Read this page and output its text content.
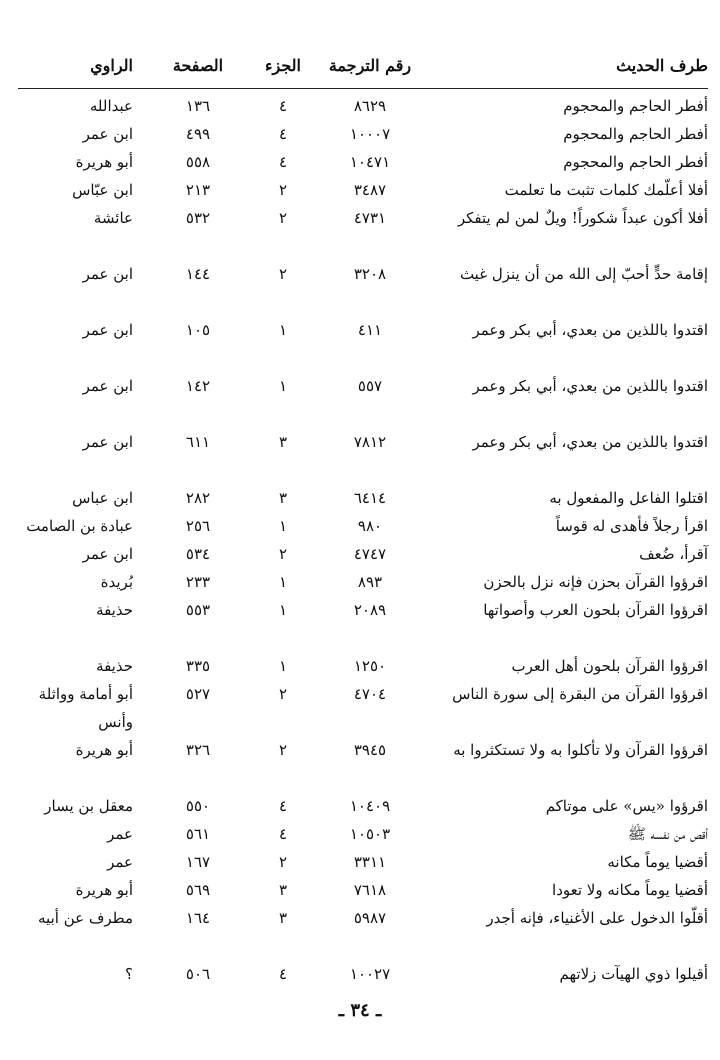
طرف الحديث
رقم الترجمة
الجزء
الصفحة
الراوي
أفطر الحاجم والمحجوم
٨٦٢٩
٤
١٣٦
عبدالله
أفطر الحاجم والمحجوم
١٠٠٠٧
٤
٤٩٩
ابن عمر
أفطر الحاجم والمحجوم
١٠٤٧١
٤
٥٥٨
أبو هريرة
أفلا أعلّمك كلمات تثبت ما تعلمت
٣٤٨٧
٢
٢١٣
ابن عبّاس
أفلا أكون عبداً شكوراً! ويلٌ لمن لم يتفكر
٤٧٣١
٢
٥٣٢
عائشة
إقامة حدٍّ أحبّ إلى الله من أن ينزل غيث
٣٢٠٨
٢
١٤٤
ابن عمر
اقتدوا باللذين من بعدي، أبي بكر وعمر
٤١١
١
١٠٥
ابن عمر
اقتدوا باللذين من بعدي، أبي بكر وعمر
٥٥٧
١
١٤٢
ابن عمر
اقتدوا باللذين من بعدي، أبي بكر وعمر
٧٨١٢
٣
٦١١
ابن عمر
اقتلوا الفاعل والمفعول به
٦٤١٤
٣
٢٨٢
ابن عباس
اقرأ رجلاً فأهدى له قوساً
٩٨٠
١
٢٥٦
عبادة بن الصامت
آقرأ، ضُعف
٤٧٤٧
٢
٥٣٤
ابن عمر
اقرؤوا القرآن بحزن فإنه نزل بالحزن
٨٩٣
١
٢٣٣
بُريدة
اقرؤوا القرآن بلحون العرب وأصواتها
٢٠٨٩
١
٥٥٣
حذيفة
اقرؤوا القرآن بلحون أهل العرب
١٢٥٠
١
٣٣٥
حذيفة
اقرؤوا القرآن من البقرة إلى سورة الناس
٤٧٠٤
٢
٥٢٧
أبو أمامة وواثلة وأنس
اقرؤوا القرآن ولا تأكلوا به ولا تستكثروا به
٣٩٤٥
٢
٣٢٦
أبو هريرة
اقرؤوا «يس» على موتاكم
١٠٤٠٩
٤
٥٥٠
معقل بن يسار
أقص من نفسه ﷺ
١٠٥٠٣
٤
٥٦١
عمر
أقضيا يوماً مكانه
٣٣١١
٢
١٦٧
عمر
أقضيا يوماً مكانه ولا تعودا
٧٦١٨
٣
٥٦٩
أبو هريرة
أقلّوا الدخول على الأغنياء، فإنه أجدر
٥٩٨٧
٣
١٦٤
مطرف عن أبيه
أقيلوا ذوي الهيآت زلاتهم
١٠٠٢٧
٤
٥٠٦
؟
ـ ٣٤ ـ
